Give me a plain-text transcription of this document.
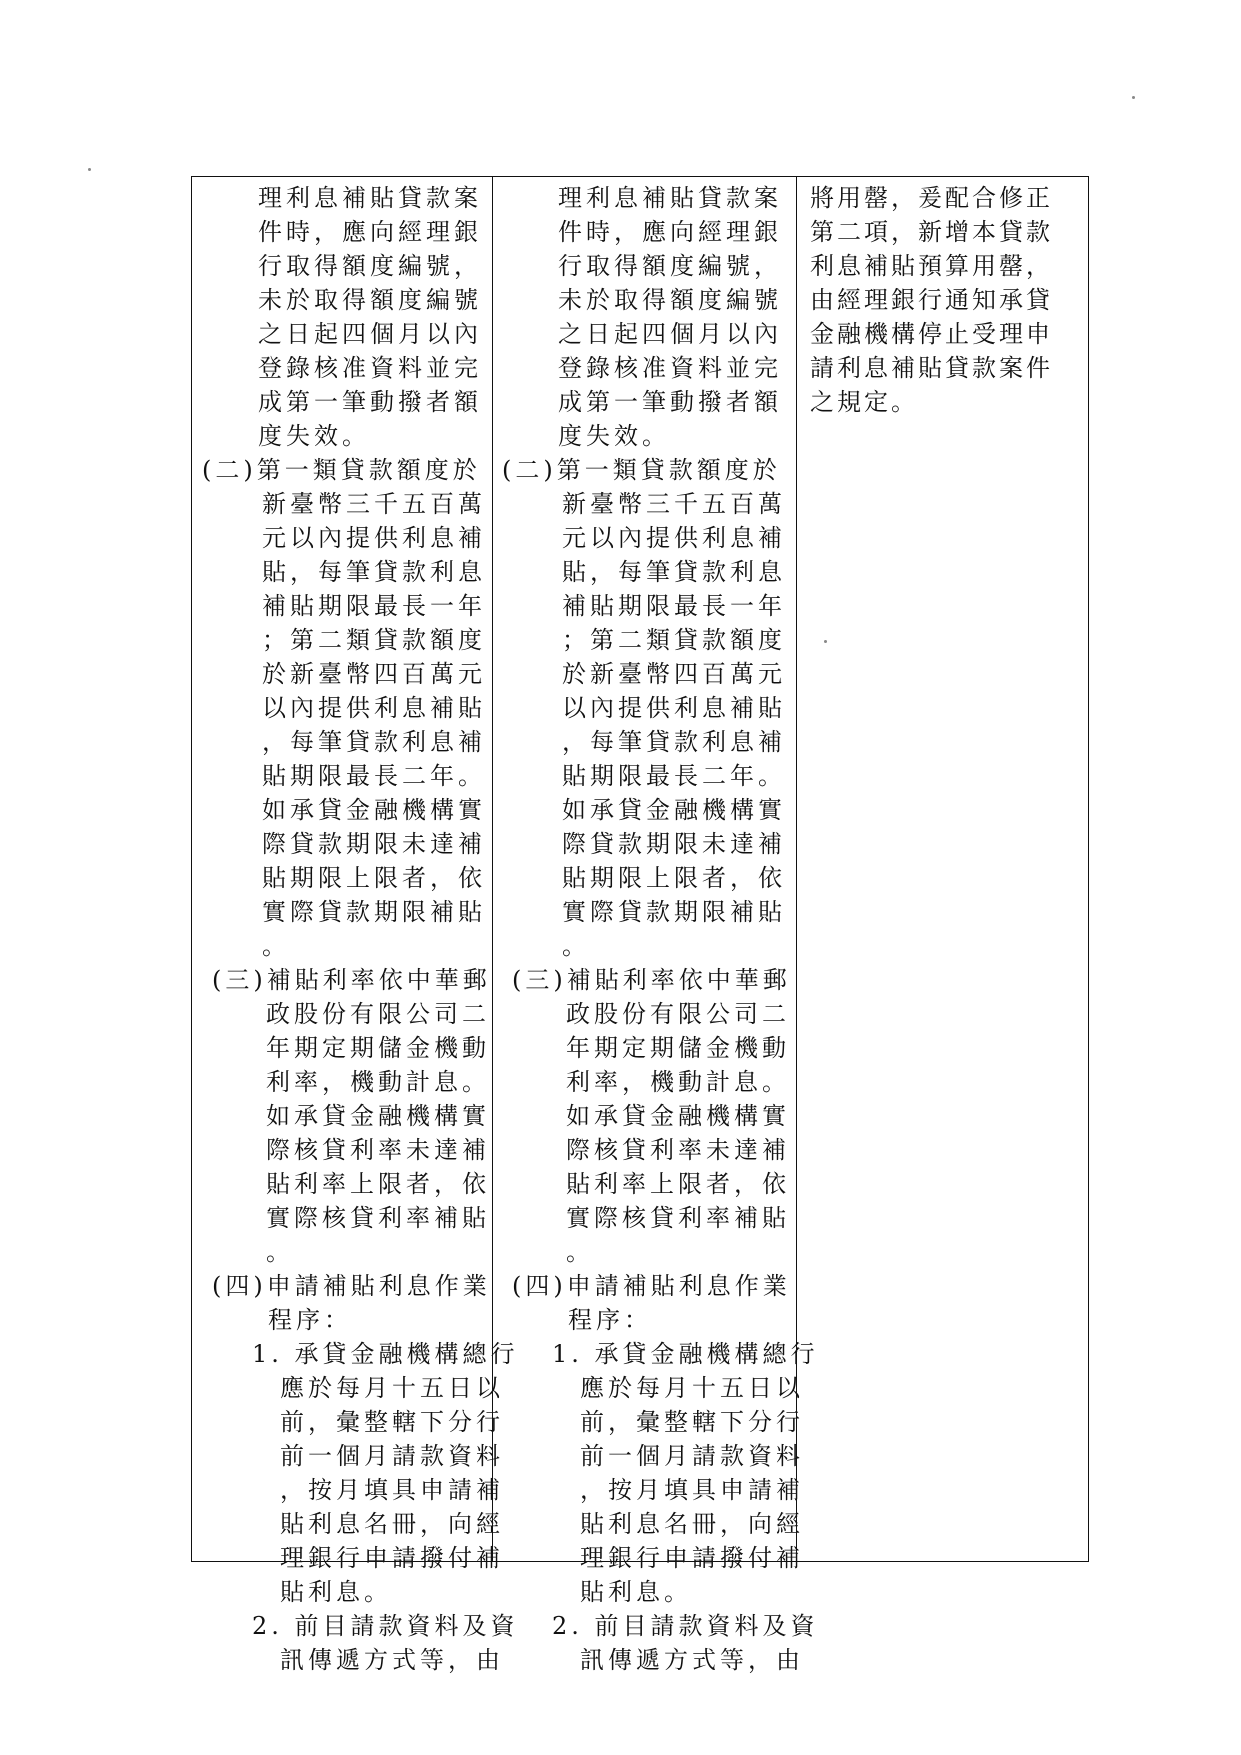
理利息補貼貸款案
件時，應向經理銀
行取得額度編號，
未於取得額度編號
之日起四個月以內
登錄核准資料並完
成第一筆動撥者額
度失效。
(二)第一類貸款額度於
新臺幣三千五百萬
元以內提供利息補
貼，每筆貸款利息
補貼期限最長一年
；第二類貸款額度
於新臺幣四百萬元
以內提供利息補貼
，每筆貸款利息補
貼期限最長二年。
如承貸金融機構實
際貸款期限未達補
貼期限上限者，依
實際貸款期限補貼
。
(三)補貼利率依中華郵
政股份有限公司二
年期定期儲金機動
利率，機動計息。
如承貸金融機構實
際核貸利率未達補
貼利率上限者，依
實際核貸利率補貼
。
(四)申請補貼利息作業
程序：
1. 承貸金融機構總行
應於每月十五日以
前，彙整轄下分行
前一個月請款資料
，按月填具申請補
貼利息名冊，向經
理銀行申請撥付補
貼利息。
2. 前目請款資料及資
訊傳遞方式等，由
理利息補貼貸款案
件時，應向經理銀
行取得額度編號，
未於取得額度編號
之日起四個月以內
登錄核准資料並完
成第一筆動撥者額
度失效。
(二)第一類貸款額度於
新臺幣三千五百萬
元以內提供利息補
貼，每筆貸款利息
補貼期限最長一年
；第二類貸款額度
於新臺幣四百萬元
以內提供利息補貼
，每筆貸款利息補
貼期限最長二年。
如承貸金融機構實
際貸款期限未達補
貼期限上限者，依
實際貸款期限補貼
。
(三)補貼利率依中華郵
政股份有限公司二
年期定期儲金機動
利率，機動計息。
如承貸金融機構實
際核貸利率未達補
貼利率上限者，依
實際核貸利率補貼
。
(四)申請補貼利息作業
程序：
1. 承貸金融機構總行
應於每月十五日以
前，彙整轄下分行
前一個月請款資料
，按月填具申請補
貼利息名冊，向經
理銀行申請撥付補
貼利息。
2. 前目請款資料及資
訊傳遞方式等，由
將用罄，爰配合修正
第二項，新增本貸款
利息補貼預算用罄，
由經理銀行通知承貸
金融機構停止受理申
請利息補貼貸款案件
之規定。
